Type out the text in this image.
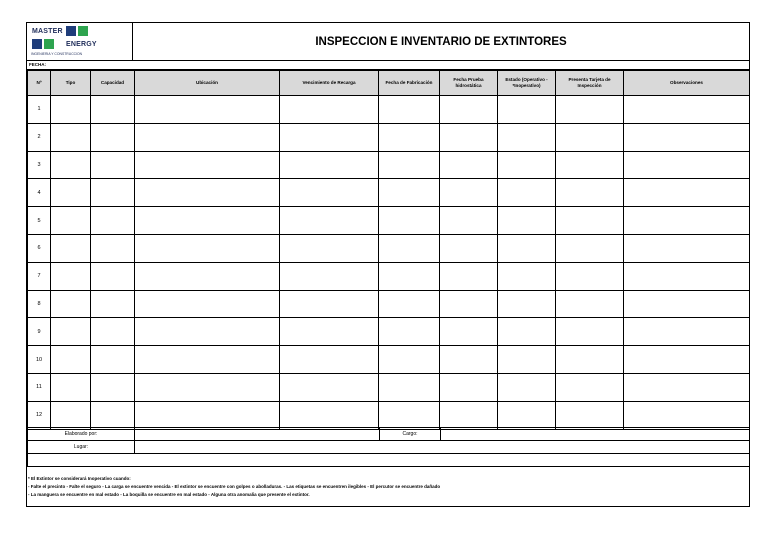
MASTER
ENERGY
INGENIERIA Y CONSTRUCCION
INSPECCION E INVENTARIO DE EXTINTORES
FECHA:
Nº	Tipo	Capacidad	Ubicación	Vencimiento de Recarga	Fecha de Fabricación	Fecha Prueba hidrostática	Estado (Operativo - *Inoperativo)	Presenta Tarjeta de Inspección	Observaciones
1									
2									
3									
4									
5									
6									
7									
8									
9									
10									
11									
12									
Elaborado por:		Cargo:	
Lugar:			

* El Extintor se considerará Inoperativo cuando:
- Falte el precinto - Falte el seguro - La carga se encuentre vencida - El extintor se encuentre con golpes o abolladuras. - Las etiquetas se encuentren ilegibles - El percutor se encuentre dañado
- La manguera se encuentre en mal estado - La boquilla se encuentre en mal estado - Alguna otra anomalia que presente el extintor.
